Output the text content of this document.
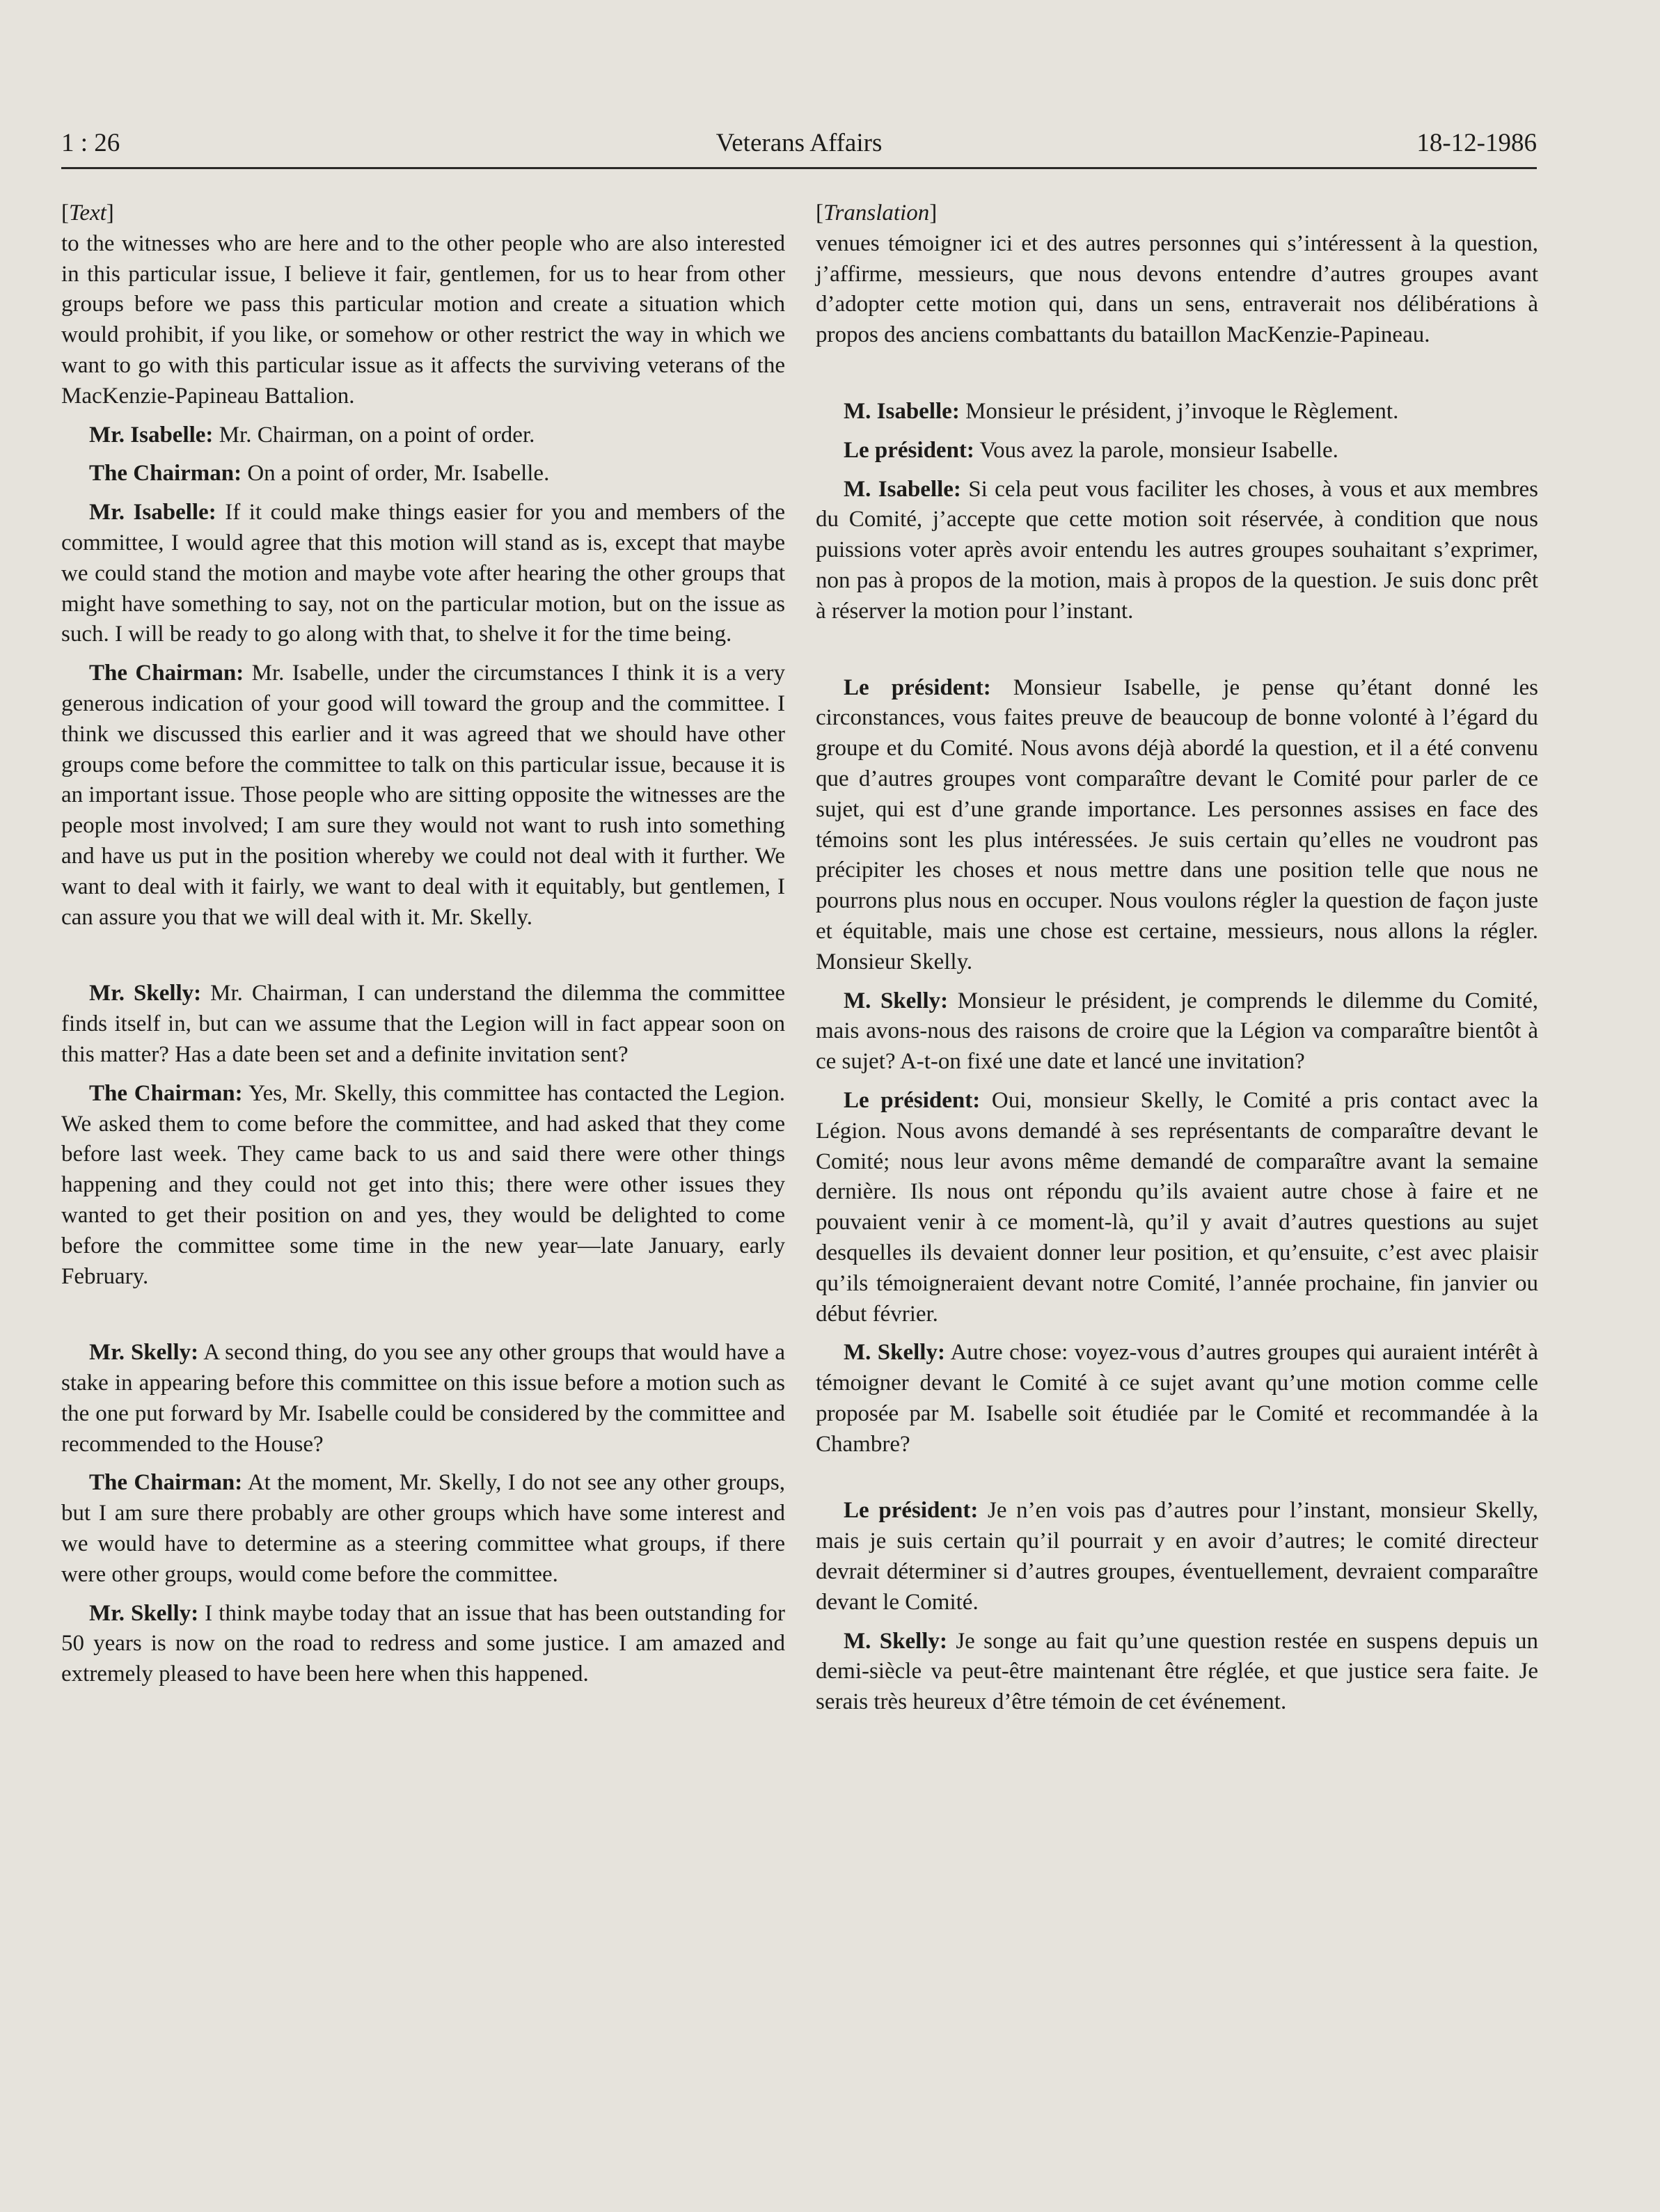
1 : 26	Veterans Affairs	18-12-1986

[Text]

to the witnesses who are here and to the other people who are also interested in this particular issue, I believe it fair, gentlemen, for us to hear from other groups before we pass this particular motion and create a situation which would prohibit, if you like, or somehow or other restrict the way in which we want to go with this particular issue as it affects the surviving veterans of the MacKenzie-Papineau Battalion.

Mr. Isabelle: Mr. Chairman, on a point of order.

The Chairman: On a point of order, Mr. Isabelle.

Mr. Isabelle: If it could make things easier for you and members of the committee, I would agree that this motion will stand as is, except that maybe we could stand the motion and maybe vote after hearing the other groups that might have something to say, not on the particular motion, but on the issue as such. I will be ready to go along with that, to shelve it for the time being.

The Chairman: Mr. Isabelle, under the circumstances I think it is a very generous indication of your good will toward the group and the committee. I think we discussed this earlier and it was agreed that we should have other groups come before the committee to talk on this particular issue, because it is an important issue. Those people who are sitting opposite the witnesses are the people most involved; I am sure they would not want to rush into something and have us put in the position whereby we could not deal with it further. We want to deal with it fairly, we want to deal with it equitably, but gentlemen, I can assure you that we will deal with it. Mr. Skelly.

Mr. Skelly: Mr. Chairman, I can understand the dilemma the committee finds itself in, but can we assume that the Legion will in fact appear soon on this matter? Has a date been set and a definite invitation sent?

The Chairman: Yes, Mr. Skelly, this committee has contacted the Legion. We asked them to come before the committee, and had asked that they come before last week. They came back to us and said there were other things happening and they could not get into this; there were other issues they wanted to get their position on and yes, they would be delighted to come before the committee some time in the new year—late January, early February.

Mr. Skelly: A second thing, do you see any other groups that would have a stake in appearing before this committee on this issue before a motion such as the one put forward by Mr. Isabelle could be considered by the committee and recommended to the House?

The Chairman: At the moment, Mr. Skelly, I do not see any other groups, but I am sure there probably are other groups which have some interest and we would have to determine as a steering committee what groups, if there were other groups, would come before the committee.

Mr. Skelly: I think maybe today that an issue that has been outstanding for 50 years is now on the road to redress and some justice. I am amazed and extremely pleased to have been here when this happened.

[Translation]

venues témoigner ici et des autres personnes qui s’intéressent à la question, j’affirme, messieurs, que nous devons entendre d’autres groupes avant d’adopter cette motion qui, dans un sens, entraverait nos délibérations à propos des anciens combattants du bataillon MacKenzie-Papineau.

M. Isabelle: Monsieur le président, j’invoque le Règlement.

Le président: Vous avez la parole, monsieur Isabelle.

M. Isabelle: Si cela peut vous faciliter les choses, à vous et aux membres du Comité, j’accepte que cette motion soit réservée, à condition que nous puissions voter après avoir entendu les autres groupes souhaitant s’exprimer, non pas à propos de la motion, mais à propos de la question. Je suis donc prêt à réserver la motion pour l’instant.

Le président: Monsieur Isabelle, je pense qu’étant donné les circonstances, vous faites preuve de beaucoup de bonne volonté à l’égard du groupe et du Comité. Nous avons déjà abordé la question, et il a été convenu que d’autres groupes vont comparaître devant le Comité pour parler de ce sujet, qui est d’une grande importance. Les personnes assises en face des témoins sont les plus intéressées. Je suis certain qu’elles ne voudront pas précipiter les choses et nous mettre dans une position telle que nous ne pourrons plus nous en occuper. Nous voulons régler la question de façon juste et équitable, mais une chose est certaine, messieurs, nous allons la régler. Monsieur Skelly.

M. Skelly: Monsieur le président, je comprends le dilemme du Comité, mais avons-nous des raisons de croire que la Légion va comparaître bientôt à ce sujet? A-t-on fixé une date et lancé une invitation?

Le président: Oui, monsieur Skelly, le Comité a pris contact avec la Légion. Nous avons demandé à ses représentants de comparaître devant le Comité; nous leur avons même demandé de comparaître avant la semaine dernière. Ils nous ont répondu qu’ils avaient autre chose à faire et ne pouvaient venir à ce moment-là, qu’il y avait d’autres questions au sujet desquelles ils devaient donner leur position, et qu’ensuite, c’est avec plaisir qu’ils témoigneraient devant notre Comité, l’année prochaine, fin janvier ou début février.

M. Skelly: Autre chose: voyez-vous d’autres groupes qui auraient intérêt à témoigner devant le Comité à ce sujet avant qu’une motion comme celle proposée par M. Isabelle soit étudiée par le Comité et recommandée à la Chambre?

Le président: Je n’en vois pas d’autres pour l’instant, monsieur Skelly, mais je suis certain qu’il pourrait y en avoir d’autres; le comité directeur devrait déterminer si d’autres groupes, éventuellement, devraient comparaître devant le Comité.

M. Skelly: Je songe au fait qu’une question restée en suspens depuis un demi-siècle va peut-être maintenant être réglée, et que justice sera faite. Je serais très heureux d’être témoin de cet événement.
